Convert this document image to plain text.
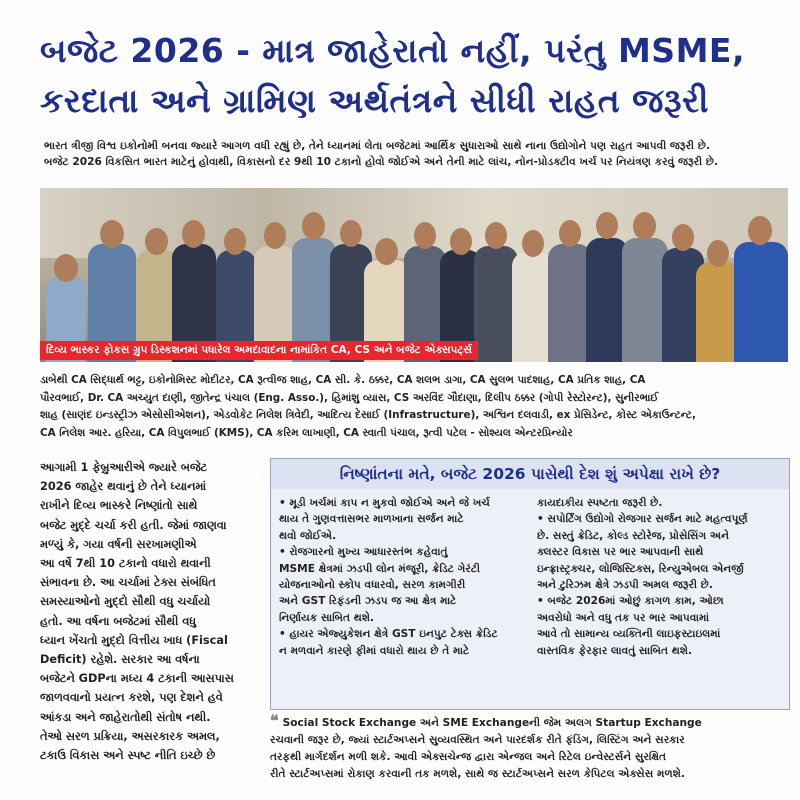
બજેટ 2026 - માત્ર જાહેરાતો નહીં, પરંતુ MSME,
કરદાતા અને ગ્રામિણ અર્થતંત્રને સીધી રાહત જરૂરી

ભારત ત્રીજી વિશ્વ ઇકોનોમી બનવા જ્યારે આગળ વધી રહ્યું છે, તેને ધ્યાનમાં લેતા બજેટમાં આર્થિક સુધારાઓ સાથે નાના ઉદ્યોગોને પણ રાહત આપવી જરૂરી છે.

બજેટ 2026 વિકસિત ભારત માટેનું હોવાથી, વિકાસનો દર 9થી 10 ટકાનો હોવો જોઈએ અને તેની માટે લાંચ, નોન-પ્રોડક્ટીવ ખર્ચ પર નિયંત્રણ કરવું જરૂરી છે.

દિવ્ય ભાસ્કર ફોકસ ગ્રુપ ડિસ્કશનમાં પધારેલ અમદાવાદના નામાંકિત CA, CS અને બજેટ એક્સપર્ટ્સ

ડાબેથી CA સિદ્ધાર્થ ભટ્ટ, ઇકોનોમિસ્ટ મોદીટર, CA રૂત્વીજ શાહ, CA સી. કે. ઠક્કર, CA શલભ ડાગા, CA સુલભ પાદશાહ, CA પ્રતિક શાહ, CA

પૌરવભાઈ, Dr. CA અચ્યુત દાણી, જીતેન્દ્ર પંચાલ (Eng. Asso.), હિમાંશુ વ્યાસ, CS અરવિંદ ગૌદાણા, દિલીપ ઠક્કર (ગોપી રેસ્ટોરન્ટ), સુનીરભાઈ

શાહ (સાણંદ ઇન્ડસ્ટ્રીઝ એસોસીએશન), એડવોકેટ નિલેશ ત્રિવેદી, આદિત્ય દેસાઈ (Infrastructure), અશ્વિન દલવાડી, ex પ્રેસિડેન્ટ, કોસ્ટ એકાઉન્ટન્ટ,

CA નિલેશ આર. હરિયા, CA વિપુલભાઈ (KMS), CA કરિમ લાખાણી, CA સ્વાતી પંચાલ, રૂત્વી પટેલ - સોશ્યલ એન્ટરપ્રિન્યોર

આગામી 1 ફેબ્રુઆરીએ જ્યારે બજેટ

2026 જાહેર થવાનું છે તેને ધ્યાનમાં

રાખીને દિવ્ય ભાસ્કરે નિષ્ણાંતો સાથે

બજેટ મુદ્દે ચર્ચા કરી હતી. જેમાં જાણવા

મળ્યું કે, ગયા વર્ષની સરખામણીએ

આ વર્ષે 7થી 10 ટકાનો વધારો થવાની

સંભાવના છે. આ ચર્ચામાં ટેક્સ સંબંધિત

સમસ્યાઓનો મુદ્દો સૌથી વધુ ચર્ચાયો

હતો. આ વર્ષના બજેટમાં સૌથી વધુ

ધ્યાન ખેંચતો મુદ્દો વિત્તીય ખાધ (Fiscal

Deficit) રહેશે. સરકાર આ વર્ષના

બજેટને GDPના મધ્ય 4 ટકાની આસપાસ

જાળવવાનો પ્રયત્ન કરશે, પણ દેશને હવે

આંકડા અને જાહેરાતોથી સંતોષ નથી.

તેઓ સરળ પ્રક્રિયા, અસરકારક અમલ,

ટકાઉ વિકાસ અને સ્પષ્ટ નીતિ ઇચ્છે છે

નિષ્ણાંતના મતે, બજેટ 2026 પાસેથી દેશ શું અપેક્ષા રાખે છે?

• મૂડી ખર્ચમાં કાપ ન મુકવો જોઈએ અને જે ખર્ચ

થાય તે ગુણવત્તાસભર માળખાના સર્જન માટે

થવો જોઈએ.

• રોજગારનો મુખ્ય આધારસ્તંભ કહેવાતું

MSME ક્ષેત્રમાં ઝડપી લોન મંજૂરી, ક્રેડિટ ગેરંટી

યોજનાઓનો સ્કોપ વધારવો, સરળ કામગીરી

અને GST રિફંડની ઝડપ જ આ ક્ષેત્ર માટે

નિર્ણાયક સાબિત થશે.

• હાયર એજ્યુકેશન ક્ષેત્રે GST ઇનપુટ ટેક્સ ક્રેડિટ

ન મળવાને કારણે ફીમાં વધારો થાય છે તે માટે

કાયદાકીય સ્પષ્ટતા જરૂરી છે.

• સપોર્ટિંગ ઉદ્યોગો રોજગાર સર્જન માટે મહત્વપૂર્ણ

છે. સસ્તું ક્રેડિટ, કોલ્ડ સ્ટોરેજ, પ્રોસેસિંગ અને

ક્લસ્ટર વિકાસ પર ભાર આપવાની સાથે

ઇન્ફ્રાસ્ટ્રક્ચર, લોજિસ્ટિક્સ, રિન્યુએબલ એનર્જી

અને ટુરિઝમ ક્ષેત્રે ઝડપી અમલ જરૂરી છે.

• બજેટ 2026માં ઓછું કાગળ કામ, ઓછા

અવરોધો અને વધુ તક પર ભાર આપવામાં

આવે તો સામાન્ય વ્યક્તિની લાઇફસ્ટાઇલમાં

વાસ્તવિક ફેરફાર લાવતું સાબિત થશે.

❝ Social Stock Exchange અને SME Exchangeની જેમ અલગ Startup Exchange

રચવાની જરૂર છે, જ્યાં સ્ટાર્ટઅપ્સને સુવ્યવસ્થિત અને પારદર્શક રીતે ફંડિંગ, લિસ્ટિંગ અને સરકાર

તરફથી માર્ગદર્શન મળી શકે. આવી એક્સચેન્જ દ્વારા એન્જલ અને રિટેલ ઇન્વેસ્ટર્સને સુરક્ષિત

રીતે સ્ટાર્ટઅપ્સમાં રોકાણ કરવાની તક મળશે, સાથે જ સ્ટાર્ટઅપ્સને સરળ કેપિટલ એક્સેસ મળશે.
